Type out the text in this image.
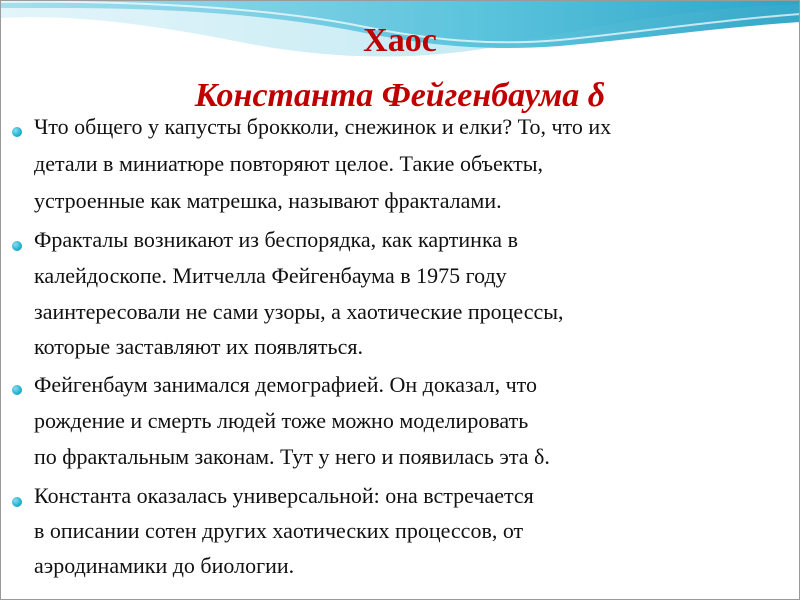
Хаос
Константа Фейгенбаума δ
Что общего у капусты брокколи, снежинок и елки? То, что их
детали в миниатюре повторяют целое. Такие объекты,
устроенные как матрешка, называют фракталами.
Фракталы возникают из беспорядка, как картинка в
калейдоскопе. Митчелла Фейгенбаума в 1975 году
заинтересовали не сами узоры, а хаотические процессы,
которые заставляют их появляться.
Фейгенбаум занимался демографией. Он доказал, что
рождение и смерть людей тоже можно моделировать
по фрактальным законам. Тут у него и появилась эта δ.
Константа оказалась универсальной: она встречается
в описании сотен других хаотических процессов, от
аэродинамики до биологии.
